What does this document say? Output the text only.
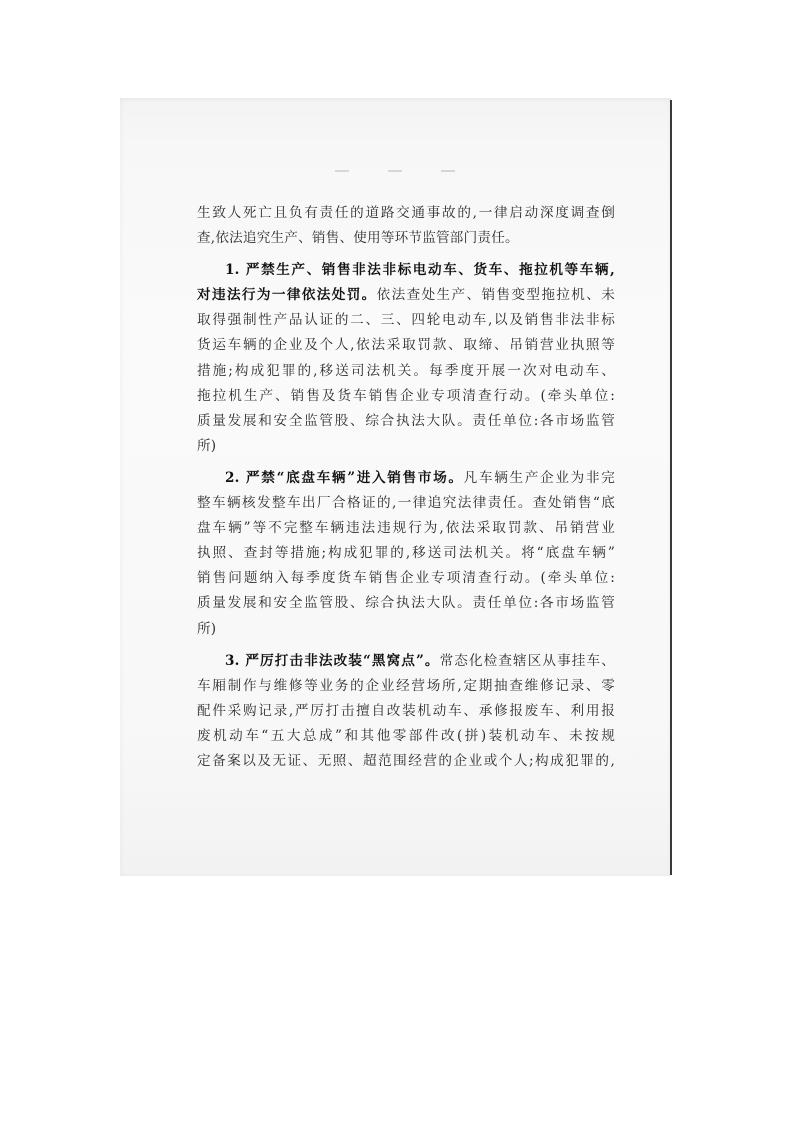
生致人死亡且负有责任的道路交通事故的,一律启动深度调查倒
查,依法追究生产、销售、使用等环节监管部门责任。
1. 严禁生产、销售非法非标电动车、货车、拖拉机等车辆,
对违法行为一律依法处罚。依法查处生产、销售变型拖拉机、未
取得强制性产品认证的二、三、四轮电动车,以及销售非法非标
货运车辆的企业及个人,依法采取罚款、取缔、吊销营业执照等
措施;构成犯罪的,移送司法机关。每季度开展一次对电动车、
拖拉机生产、销售及货车销售企业专项清查行动。(牵头单位:
质量发展和安全监管股、综合执法大队。责任单位:各市场监管
所)
2. 严禁“底盘车辆”进入销售市场。凡车辆生产企业为非完
整车辆核发整车出厂合格证的,一律追究法律责任。查处销售“底
盘车辆”等不完整车辆违法违规行为,依法采取罚款、吊销营业
执照、查封等措施;构成犯罪的,移送司法机关。将“底盘车辆”
销售问题纳入每季度货车销售企业专项清查行动。(牵头单位:
质量发展和安全监管股、综合执法大队。责任单位:各市场监管
所)
3. 严厉打击非法改装“黑窝点”。常态化检查辖区从事挂车、
车厢制作与维修等业务的企业经营场所,定期抽查维修记录、零
配件采购记录,严厉打击擅自改装机动车、承修报废车、利用报
废机动车“五大总成”和其他零部件改(拼)装机动车、未按规
定备案以及无证、无照、超范围经营的企业或个人;构成犯罪的,
